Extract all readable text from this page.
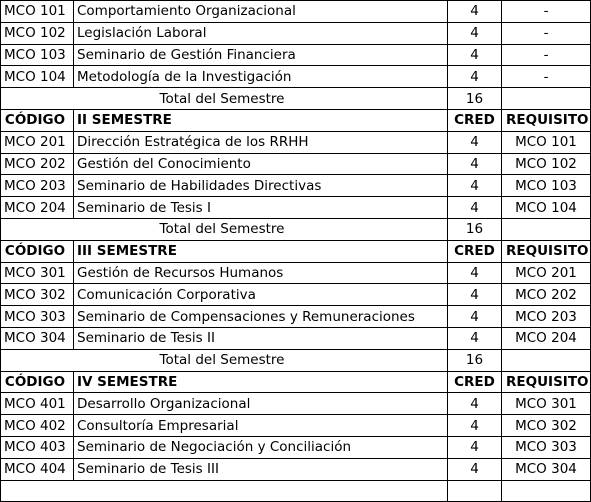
MCO 101	Comportamiento Organizacional	4	-
MCO 102	Legislación Laboral	4	-
MCO 103	Seminario de Gestión Financiera	4	-
MCO 104	Metodología de la Investigación	4	-
Total del Semestre		16	
CÓDIGO	II SEMESTRE	CRED	REQUISITO
MCO 201	Dirección Estratégica de los RRHH	4	MCO 101
MCO 202	Gestión del Conocimiento	4	MCO 102
MCO 203	Seminario de Habilidades Directivas	4	MCO 103
MCO 204	Seminario de Tesis I	4	MCO 104
Total del Semestre		16	
CÓDIGO	III SEMESTRE	CRED	REQUISITO
MCO 301	Gestión de Recursos Humanos	4	MCO 201
MCO 302	Comunicación Corporativa	4	MCO 202
MCO 303	Seminario de Compensaciones y Remuneraciones	4	MCO 203
MCO 304	Seminario de Tesis II	4	MCO 204
Total del Semestre		16	
CÓDIGO	IV SEMESTRE	CRED	REQUISITO
MCO 401	Desarrollo Organizacional	4	MCO 301
MCO 402	Consultoría Empresarial	4	MCO 302
MCO 403	Seminario de Negociación y Conciliación	4	MCO 303
MCO 404	Seminario de Tesis III	4	MCO 304
